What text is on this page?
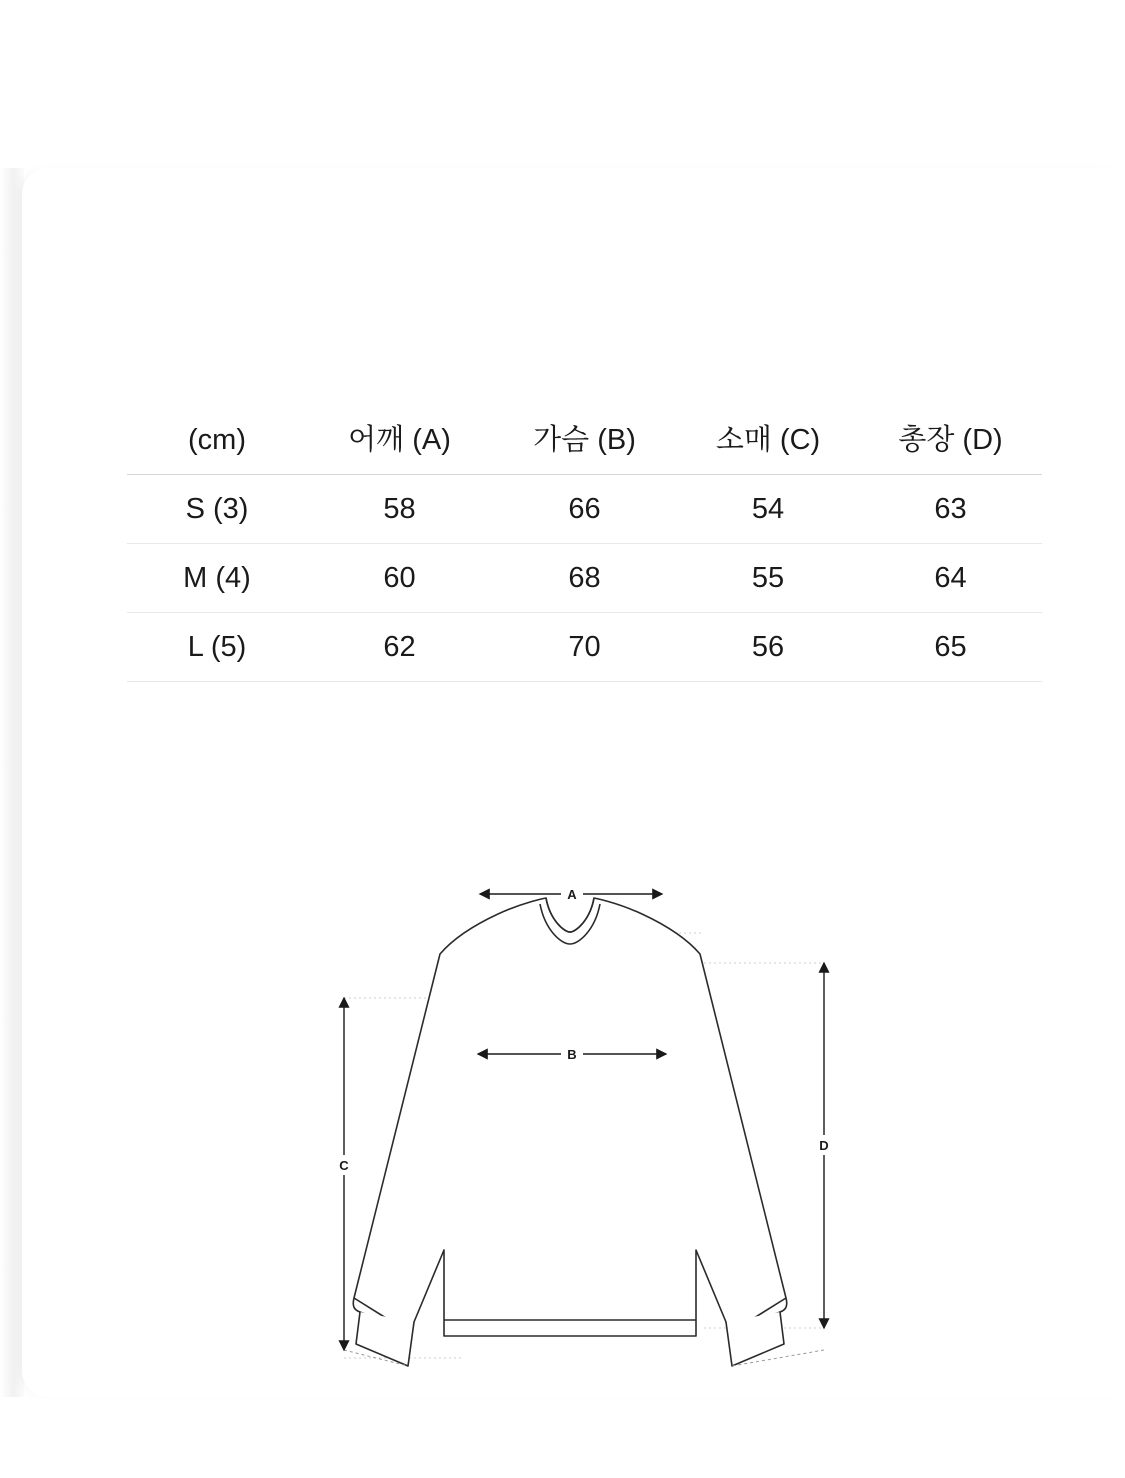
(cm)	어깨 (A)	가슴 (B)	소매 (C)	총장 (D)
S (3)	58	66	54	63
M (4)	60	68	55	64
L (5)	62	70	56	65
A
B
C
D
